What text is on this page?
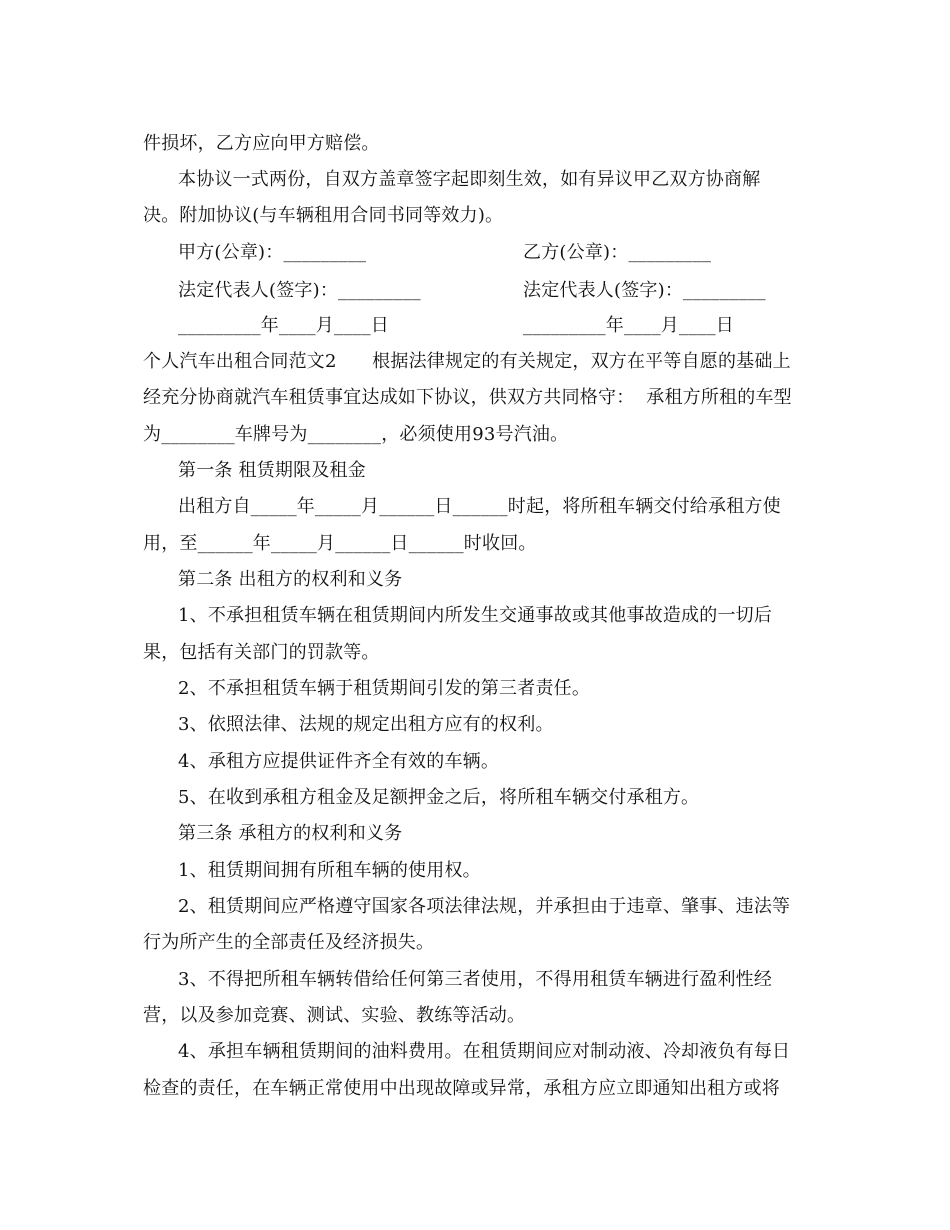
件损坏，乙方应向甲方赔偿。
本协议一式两份，自双方盖章签字起即刻生效，如有异议甲乙双方协商解
决。附加协议(与车辆租用合同书同等效力)。
甲方(公章)：_________	乙方(公章)：_________
法定代表人(签字)：_________	法定代表人(签字)：_________
_________年____月____日	_________年____月____日
个人汽车出租合同范文2      根据法律规定的有关规定，双方在平等自愿的基础上
经充分协商就汽车租赁事宜达成如下协议，供双方共同格守：  承租方所租的车型
为________车牌号为________，必须使用93号汽油。
第一条 租赁期限及租金
出租方自_____年_____月______日______时起，将所租车辆交付给承租方使
用，至______年_____月______日______时收回。
第二条 出租方的权利和义务
1、不承担租赁车辆在租赁期间内所发生交通事故或其他事故造成的一切后
果，包括有关部门的罚款等。
2、不承担租赁车辆于租赁期间引发的第三者责任。
3、依照法律、法规的规定出租方应有的权利。
4、承租方应提供证件齐全有效的车辆。
5、在收到承租方租金及足额押金之后，将所租车辆交付承租方。
第三条 承租方的权利和义务
1、租赁期间拥有所租车辆的使用权。
2、租赁期间应严格遵守国家各项法律法规，并承担由于违章、肇事、违法等
行为所产生的全部责任及经济损失。
3、不得把所租车辆转借给任何第三者使用，不得用租赁车辆进行盈利性经
营，以及参加竞赛、测试、实验、教练等活动。
4、承担车辆租赁期间的油料费用。在租赁期间应对制动液、冷却液负有每日
检查的责任，在车辆正常使用中出现故障或异常，承租方应立即通知出租方或将
